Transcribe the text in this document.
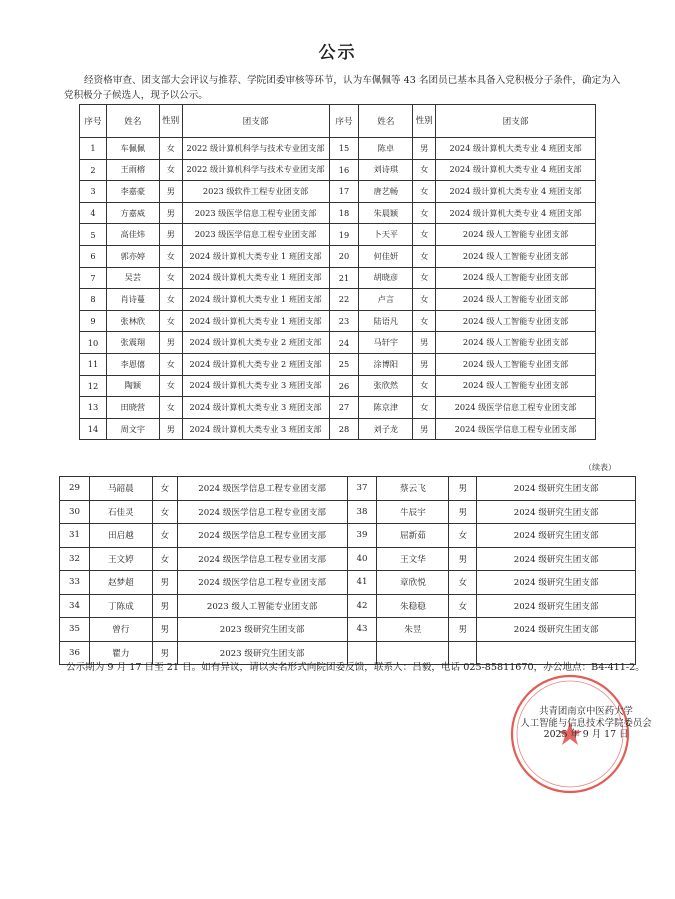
公示
经资格审查、团支部大会评议与推荐、学院团委审核等环节，认为车佩佩等 43 名团员已基本具备入党积极分子条件，确定为入党积极分子候选人，现予以公示。
序号	姓名	性别	团支部	序号	姓名	性别	团支部
1	车佩佩	女	2022 级计算机科学与技术专业团支部	15	陈卓	男	2024 级计算机大类专业 4 班团支部
2	王雨榕	女	2022 级计算机科学与技术专业团支部	16	刘诗琪	女	2024 级计算机大类专业 4 班团支部
3	李嘉豪	男	2023 级软件工程专业团支部	17	唐艺畅	女	2024 级计算机大类专业 4 班团支部
4	方嘉威	男	2023 级医学信息工程专业团支部	18	朱晨颖	女	2024 级计算机大类专业 4 班团支部
5	高佳炜	男	2023 级医学信息工程专业团支部	19	卜天平	女	2024 级人工智能专业团支部
6	郭亦婷	女	2024 级计算机大类专业 1 班团支部	20	何佳妍	女	2024 级人工智能专业团支部
7	吴芸	女	2024 级计算机大类专业 1 班团支部	21	胡晓彦	女	2024 级人工智能专业团支部
8	肖诗蔓	女	2024 级计算机大类专业 1 班团支部	22	卢言	女	2024 级人工智能专业团支部
9	张林欣	女	2024 级计算机大类专业 1 班团支部	23	陆语凡	女	2024 级人工智能专业团支部
10	张震翔	男	2024 级计算机大类专业 2 班团支部	24	马轩宇	男	2024 级人工智能专业团支部
11	李恩僖	女	2024 级计算机大类专业 2 班团支部	25	涂博阳	男	2024 级人工智能专业团支部
12	陶颖	女	2024 级计算机大类专业 3 班团支部	26	张欣然	女	2024 级人工智能专业团支部
13	田晓营	女	2024 级计算机大类专业 3 班团支部	27	陈京津	女	2024 级医学信息工程专业团支部
14	周文宇	男	2024 级计算机大类专业 3 班团支部	28	刘子龙	男	2024 级医学信息工程专业团支部
（续表）
29	马韶晨	女	2024 级医学信息工程专业团支部	37	蔡云飞	男	2024 级研究生团支部
30	石佳灵	女	2024 级医学信息工程专业团支部	38	牛辰宇	男	2024 级研究生团支部
31	田启越	女	2024 级医学信息工程专业团支部	39	屈新茹	女	2024 级研究生团支部
32	王文婷	女	2024 级医学信息工程专业团支部	40	王文华	男	2024 级研究生团支部
33	赵梦超	男	2024 级医学信息工程专业团支部	41	章欣悦	女	2024 级研究生团支部
34	丁陈成	男	2023 级人工智能专业团支部	42	朱稳稳	女	2024 级研究生团支部
35	曾行	男	2023 级研究生团支部	43	朱昱	男	2024 级研究生团支部
36	瞿力	男	2023 级研究生团支部				
公示期为 9 月 17 日至 21 日。如有异议，请以实名形式向院团委反馈，联系人：吕毅，电话 025-85811670，办公地点：B4-411-2。
共青团南京中医药大学
人工智能与信息技术学院委员会
2025 年 9 月 17 日
